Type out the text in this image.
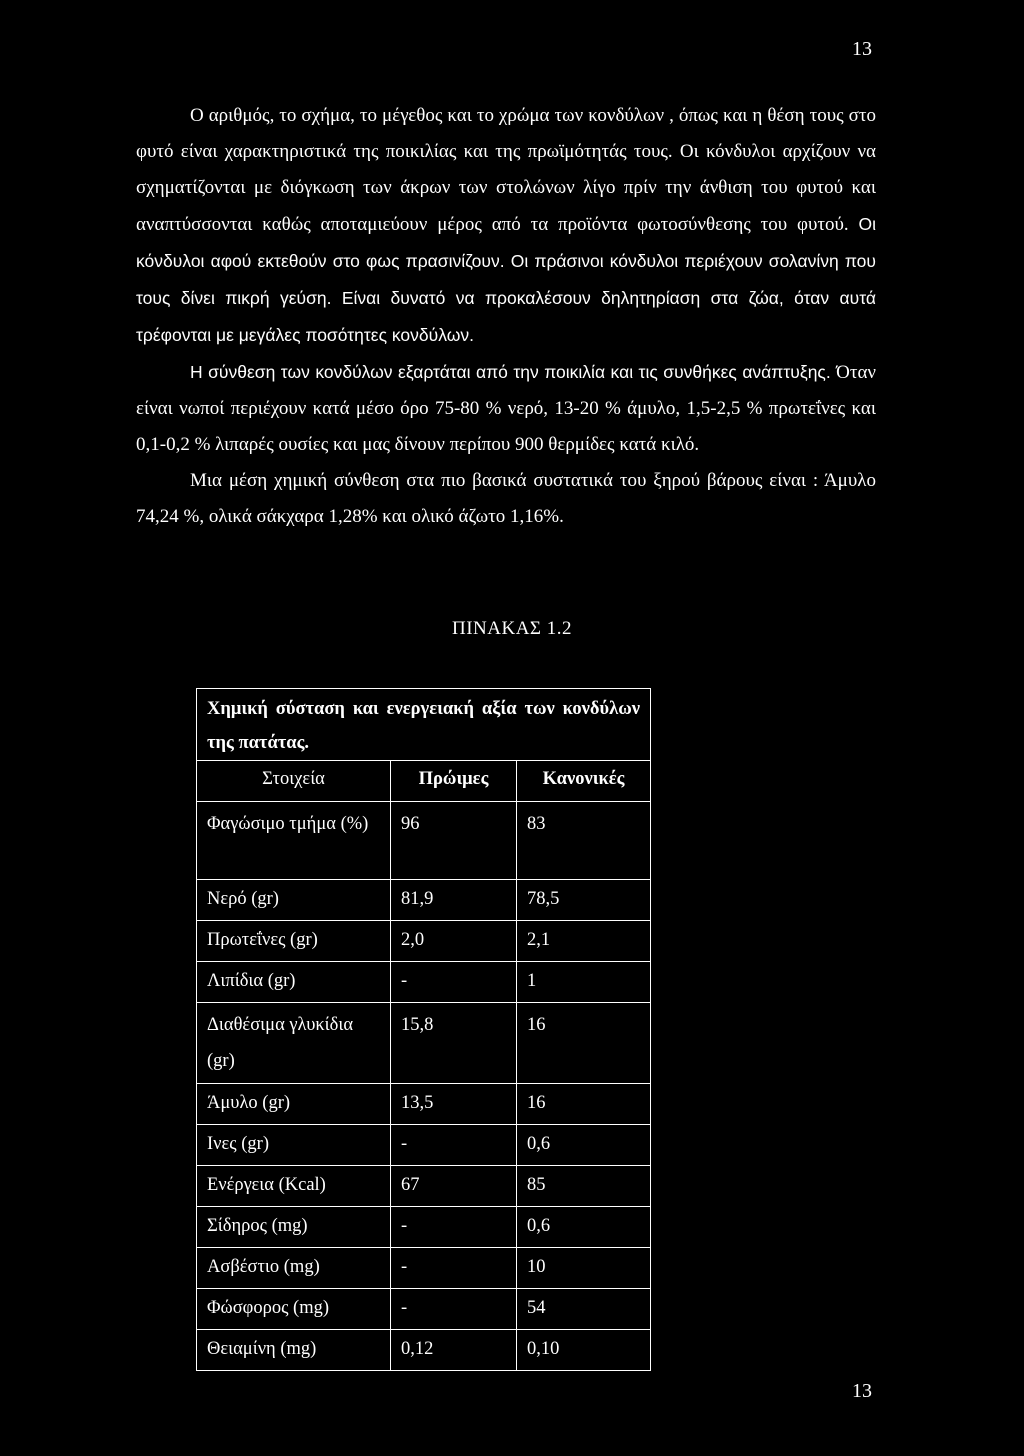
13

Ο αριθμός, το σχήμα, το μέγεθος και το χρώμα των κονδύλων , όπως και η θέση τους στο φυτό είναι χαρακτηριστικά της ποικιλίας και της πρωϊμότητάς τους. Οι κόνδυλοι αρχίζουν να σχηματίζονται με διόγκωση των άκρων των στολώνων λίγο πρίν την άνθιση του φυτού και αναπτύσσονται καθώς αποταμιεύουν μέρος από τα προϊόντα φωτοσύνθεσης του φυτού. Οι κόνδυλοι αφού εκτεθούν στο φως πρασινίζουν. Οι πράσινοι κόνδυλοι περιέχουν σολανίνη που τους δίνει πικρή γεύση. Είναι δυνατό να προκαλέσουν δηλητηρίαση στα ζώα, όταν αυτά τρέφονται με μεγάλες ποσότητες κονδύλων.

Η σύνθεση των κονδύλων εξαρτάται από την ποικιλία και τις συνθήκες ανάπτυξης. Όταν είναι νωποί περιέχουν κατά μέσο όρο 75-80 % νερό, 13-20 % άμυλο, 1,5-2,5 % πρωτεΐνες και 0,1-0,2 % λιπαρές ουσίες και μας δίνουν περίπου 900 θερμίδες κατά κιλό.

Μια μέση χημική σύνθεση στα πιο βασικά συστατικά του ξηρού βάρους είναι : Άμυλο 74,24 %, ολικά σάκχαρα 1,28% και ολικό άζωτο 1,16%.

ΠΙΝΑΚΑΣ 1.2
Χημική σύσταση και ενεργειακή αξία των κονδύλων της πατάτας.		
Στοιχεία	Πρώιμες	Κανονικές
Φαγώσιμο τμήμα (%)	96	83
Νερό (gr)	81,9	78,5
Πρωτεΐνες (gr)	2,0	2,1
Λιπίδια (gr)	-	1
Διαθέσιμα γλυκίδια (gr)	15,8	16
Άμυλο (gr)	13,5	16
Ινες (gr)	-	0,6
Ενέργεια (Kcal)	67	85
Σίδηρος (mg)	-	0,6
Ασβέστιο (mg)	-	10
Φώσφορος (mg)	-	54
Θειαμίνη (mg)	0,12	0,10
13
